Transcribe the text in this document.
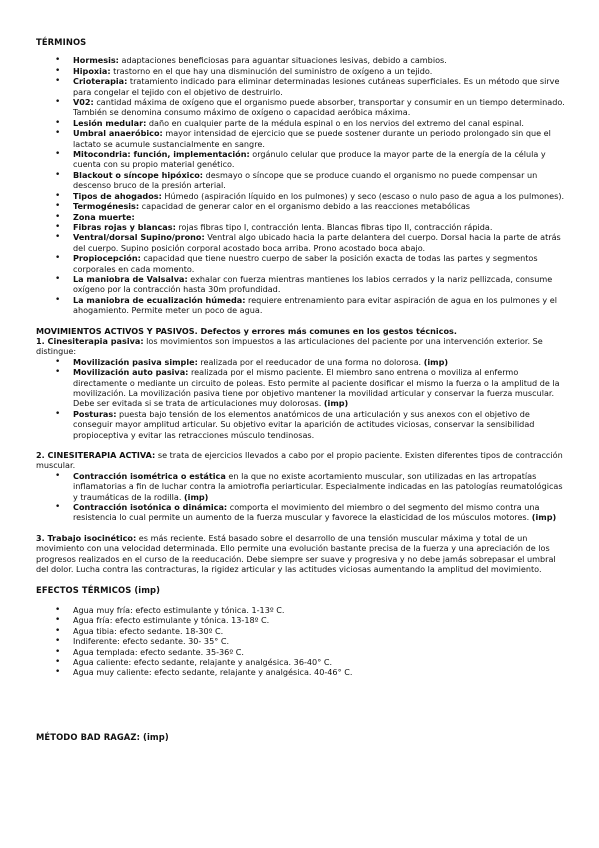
TÉRMINOS
• Hormesis: adaptaciones beneficiosas para aguantar situaciones lesivas, debido a cambios.
• Hipoxia: trastorno en el que hay una disminución del suministro de oxígeno a un tejido.
• Crioterapia: tratamiento indicado para eliminar determinadas lesiones cutáneas superficiales. Es un método que sirve para congelar el tejido con el objetivo de destruirlo.
• V02: cantidad máxima de oxígeno que el organismo puede absorber, transportar y consumir en un tiempo determinado. También se denomina consumo máximo de oxígeno o capacidad aeróbica máxima.
• Lesión medular: daño en cualquier parte de la médula espinal o en los nervios del extremo del canal espinal.
• Umbral anaeróbico: mayor intensidad de ejercicio que se puede sostener durante un periodo prolongado sin que el lactato se acumule sustancialmente en sangre.
• Mitocondria: función, implementación: orgánulo celular que produce la mayor parte de la energía de la célula y cuenta con su propio material genético.
• Blackout o síncope hipóxico: desmayo o síncope que se produce cuando el organismo no puede compensar un descenso bruco de la presión arterial.
• Tipos de ahogados: Húmedo (aspiración líquido en los pulmones) y seco (escaso o nulo paso de agua a los pulmones).
• Termogénesis: capacidad de generar calor en el organismo debido a las reacciones metabólicas
• Zona muerte:
• Fibras rojas y blancas: rojas fibras tipo I, contracción lenta. Blancas fibras tipo II, contracción rápida.
• Ventral/dorsal Supino/prono: Ventral algo ubicado hacia la parte delantera del cuerpo. Dorsal hacia la parte de atrás del cuerpo. Supino posición corporal acostado boca arriba. Prono acostado boca abajo.
• Propiocepción: capacidad que tiene nuestro cuerpo de saber la posición exacta de todas las partes y segmentos corporales en cada momento.
• La maniobra de Valsalva: exhalar con fuerza mientras mantienes los labios cerrados y la nariz pellizcada, consume oxígeno por la contracción hasta 30m profundidad.
• La maniobra de ecualización húmeda: requiere entrenamiento para evitar aspiración de agua en los pulmones y el ahogamiento. Permite meter un poco de agua.

MOVIMIENTOS ACTIVOS Y PASIVOS. Defectos y errores más comunes en los gestos técnicos.

1. Cinesiterapia pasiva: los movimientos son impuestos a las articulaciones del paciente por una intervención exterior. Se distingue:

• Movilización pasiva simple: realizada por el reeducador de una forma no dolorosa. (imp)
• Movilización auto pasiva: realizada por el mismo paciente. El miembro sano entrena o moviliza al enfermo directamente o mediante un circuito de poleas. Esto permite al paciente dosificar el mismo la fuerza o la amplitud de la movilización. La movilización pasiva tiene por objetivo mantener la movilidad articular y conservar la fuerza muscular. Debe ser evitada si se trata de articulaciones muy dolorosas. (imp)
• Posturas: puesta bajo tensión de los elementos anatómicos de una articulación y sus anexos con el objetivo de conseguir mayor amplitud articular. Su objetivo evitar la aparición de actitudes viciosas, conservar la sensibilidad propioceptiva y evitar las retracciones músculo tendinosas.

2. CINESITERAPIA ACTIVA: se trata de ejercicios llevados a cabo por el propio paciente. Existen diferentes tipos de contracción muscular.

• Contracción isométrica o estática en la que no existe acortamiento muscular, son utilizadas en las artropatías inflamatorias a fin de luchar contra la amiotrofia periarticular. Especialmente indicadas en las patologías reumatológicas y traumáticas de la rodilla. (imp)
• Contracción isotónica o dinámica: comporta el movimiento del miembro o del segmento del mismo contra una resistencia lo cual permite un aumento de la fuerza muscular y favorece la elasticidad de los músculos motores. (imp)

3. Trabajo isocinético: es más reciente. Está basado sobre el desarrollo de una tensión muscular máxima y total de un movimiento con una velocidad determinada. Ello permite una evolución bastante precisa de la fuerza y una apreciación de los progresos realizados en el curso de la reeducación. Debe siempre ser suave y progresiva y no debe jamás sobrepasar el umbral del dolor. Lucha contra las contracturas, la rigidez articular y las actitudes viciosas aumentando la amplitud del movimiento.

EFECTOS TÉRMICOS (imp)
• Agua muy fría: efecto estimulante y tónica. 1-13º C.
• Agua fría: efecto estimulante y tónica. 13-18º C.
• Agua tibia: efecto sedante. 18-30º C.
• Indiferente: efecto sedante. 30- 35° C.
• Agua templada: efecto sedante. 35-36º C.
• Agua caliente: efecto sedante, relajante y analgésica. 36-40° C.
• Agua muy caliente: efecto sedante, relajante y analgésica. 40-46° C.
MÉTODO BAD RAGAZ: (imp)
